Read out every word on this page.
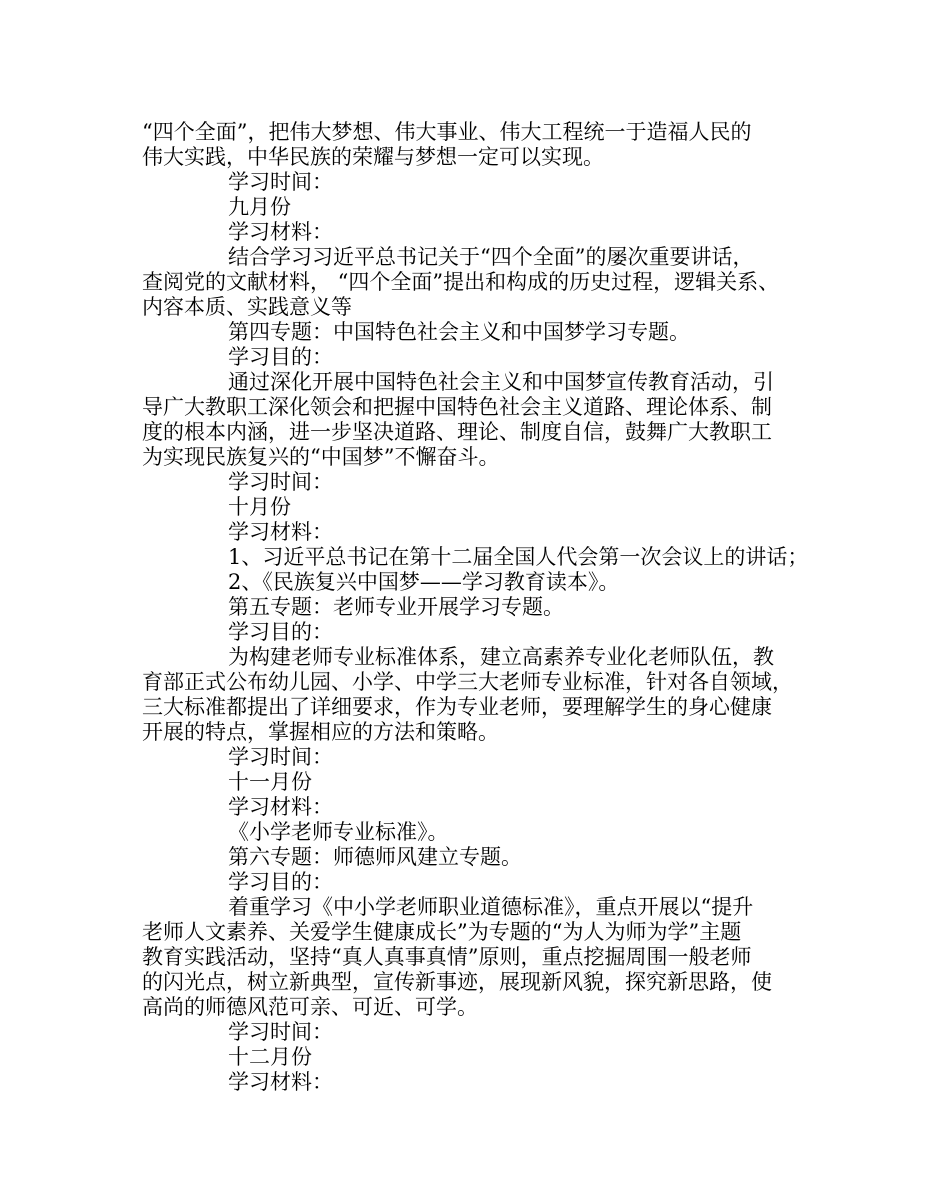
“四个全面”，把伟大梦想、伟大事业、伟大工程统一于造福人民的
伟大实践，中华民族的荣耀与梦想一定可以实现。
学习时间：
九月份
学习材料：
结合学习习近平总书记关于“四个全面”的屡次重要讲话，
查阅党的文献材料， “四个全面”提出和构成的历史过程，逻辑关系、
内容本质、实践意义等
第四专题：中国特色社会主义和中国梦学习专题。
学习目的：
通过深化开展中国特色社会主义和中国梦宣传教育活动，引
导广大教职工深化领会和把握中国特色社会主义道路、理论体系、制
度的根本内涵，进一步坚决道路、理论、制度自信，鼓舞广大教职工
为实现民族复兴的“中国梦”不懈奋斗。
学习时间：
十月份
学习材料：
1、习近平总书记在第十二届全国人代会第一次会议上的讲话；
2、《民族复兴中国梦——学习教育读本》。
第五专题：老师专业开展学习专题。
学习目的：
为构建老师专业标准体系，建立高素养专业化老师队伍，教
育部正式公布幼儿园、小学、中学三大老师专业标准，针对各自领域，
三大标准都提出了详细要求，作为专业老师，要理解学生的身心健康
开展的特点，掌握相应的方法和策略。
学习时间：
十一月份
学习材料：
《小学老师专业标准》。
第六专题：师德师风建立专题。
学习目的：
着重学习《中小学老师职业道德标准》，重点开展以“提升
老师人文素养、关爱学生健康成长”为专题的“为人为师为学”主题
教育实践活动，坚持“真人真事真情”原则，重点挖掘周围一般老师
的闪光点，树立新典型，宣传新事迹，展现新风貌，探究新思路，使
高尚的师德风范可亲、可近、可学。
学习时间：
十二月份
学习材料：
